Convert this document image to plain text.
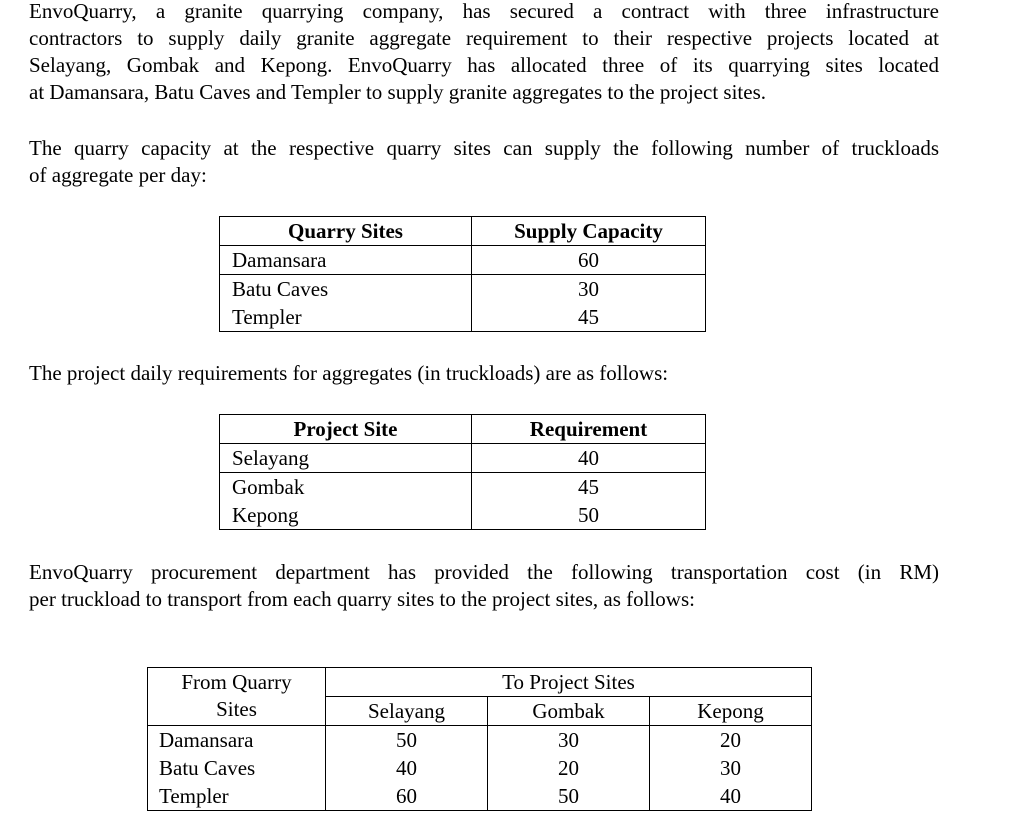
EnvoQuarry, a granite quarrying company, has secured a contract with three infrastructure
contractors to supply daily granite aggregate requirement to their respective projects located at
Selayang, Gombak and Kepong. EnvoQuarry has allocated three of its quarrying sites located
at Damansara, Batu Caves and Templer to supply granite aggregates to the project sites.
The quarry capacity at the respective quarry sites can supply the following number of truckloads
of aggregate per day:
Quarry Sites	Supply Capacity
Damansara	60
Batu Caves	30
Templer	45
The project daily requirements for aggregates (in truckloads) are as follows:
Project Site	Requirement
Selayang	40
Gombak	45
Kepong	50
EnvoQuarry procurement department has provided the following transportation cost (in RM)
per truckload to transport from each quarry sites to the project sites, as follows:
From Quarry
Sites	To Project Sites		
	Selayang	Gombak	Kepong
Damansara	50	30	20
Batu Caves	40	20	30
Templer	60	50	40
